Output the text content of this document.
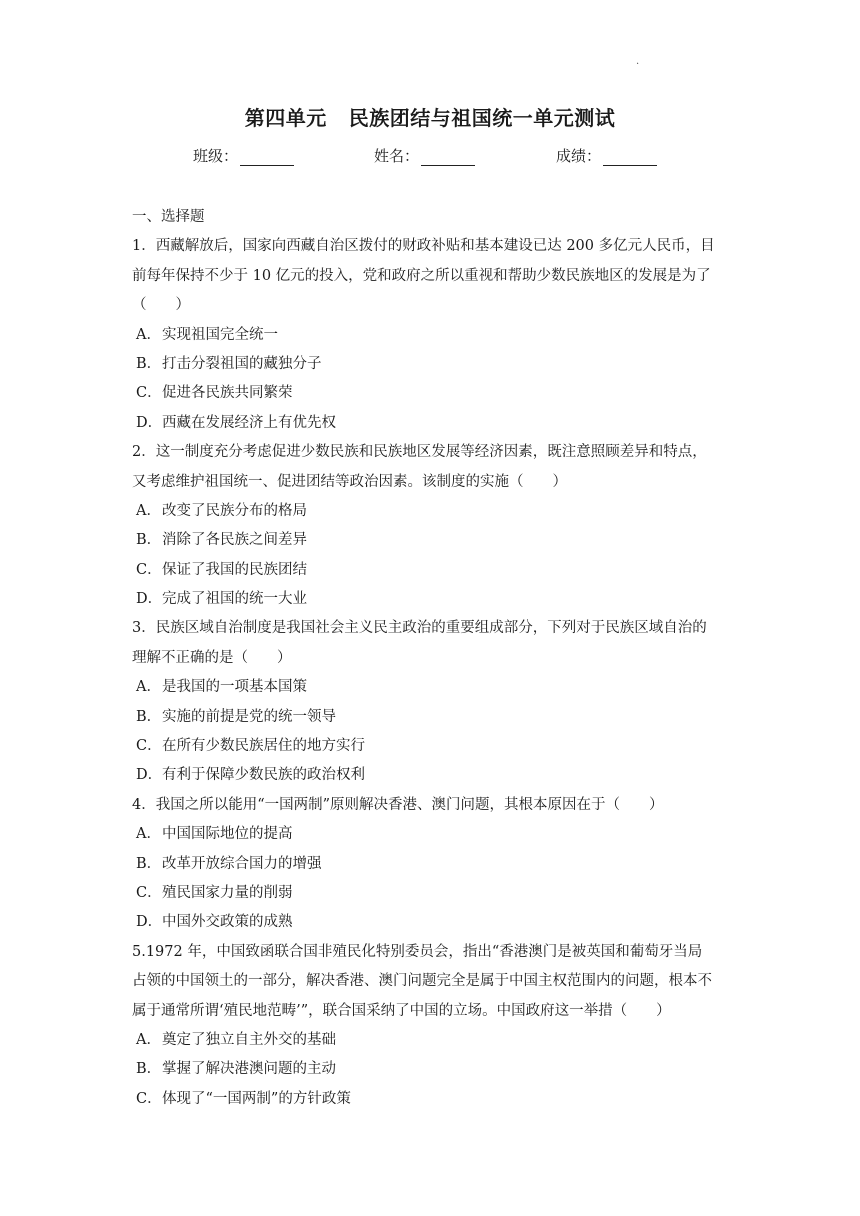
.
第四单元 民族团结与祖国统一单元测试
班级：	姓名：	成绩：
一、选择题
1．西藏解放后，国家向西藏自治区拨付的财政补贴和基本建设已达 200 多亿元人民币，目
前每年保持不少于 10 亿元的投入，党和政府之所以重视和帮助少数民族地区的发展是为了
（　　）
A．实现祖国完全统一
B．打击分裂祖国的藏独分子
C．促进各民族共同繁荣
D．西藏在发展经济上有优先权
2．这一制度充分考虑促进少数民族和民族地区发展等经济因素，既注意照顾差异和特点，
又考虑维护祖国统一、促进团结等政治因素。该制度的实施（　　）
A．改变了民族分布的格局
B．消除了各民族之间差异
C．保证了我国的民族团结
D．完成了祖国的统一大业
3．民族区域自治制度是我国社会主义民主政治的重要组成部分，下列对于民族区域自治的
理解不正确的是（　　）
A．是我国的一项基本国策
B．实施的前提是党的统一领导
C．在所有少数民族居住的地方实行
D．有利于保障少数民族的政治权利
4．我国之所以能用“一国两制”原则解决香港、澳门问题，其根本原因在于（　　）
A．中国国际地位的提高
B．改革开放综合国力的增强
C．殖民国家力量的削弱
D．中国外交政策的成熟
5.1972 年，中国致函联合国非殖民化特别委员会，指出“香港澳门是被英国和葡萄牙当局
占领的中国领土的一部分，解决香港、澳门问题完全是属于中国主权范围内的问题，根本不
属于通常所谓‘殖民地范畴’”，联合国采纳了中国的立场。中国政府这一举措（　　）
A．奠定了独立自主外交的基础
B．掌握了解决港澳问题的主动
C．体现了“一国两制”的方针政策
